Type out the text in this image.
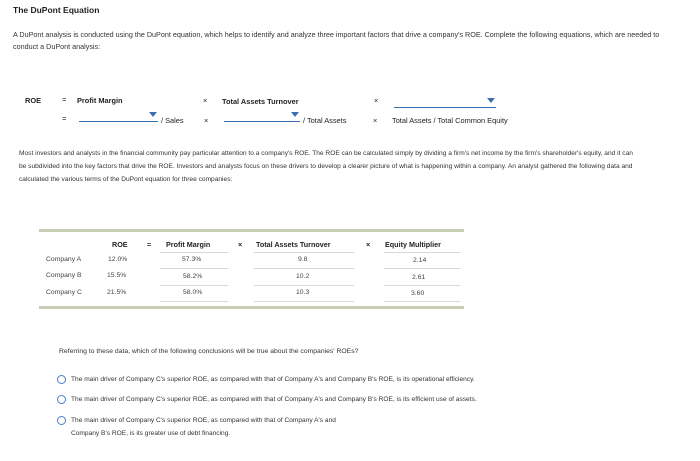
The DuPont Equation
A DuPont analysis is conducted using the DuPont equation, which helps to identify and analyze three important factors that drive a company's ROE. Complete the following equations, which are needed to conduct a DuPont analysis:
ROE	= Profit Margin	× Total Assets Turnover	×
=	/ Sales	×	/ Total Assets	× Total Assets / Total Common Equity
Most investors and analysts in the financial community pay particular attention to a company's ROE. The ROE can be calculated simply by dividing a firm's net income by the firm's shareholder's equity, and it can be subdivided into the key factors that drive the ROE. Investors and analysts focus on these drivers to develop a clearer picture of what is happening within a company. An analyst gathered the following data and calculated the various terms of the DuPont equation for three companies:
ROE	= Profit Margin	× Total Assets Turnover	× Equity Multiplier
Company A	12.0%	57.3%	9.8	2.14
Company B	15.5%	58.2%	10.2	2.61
Company C	21.5%	58.0%	10.3	3.60
Referring to these data, which of the following conclusions will be true about the companies' ROEs?
The main driver of Company C's superior ROE, as compared with that of Company A's and Company B's ROE, is its operational efficiency.
The main driver of Company C's superior ROE, as compared with that of Company A's and Company B's ROE, is its efficient use of assets.
The main driver of Company C's superior ROE, as compared with that of Company A's and Company B's ROE, is its greater use of debt financing.
